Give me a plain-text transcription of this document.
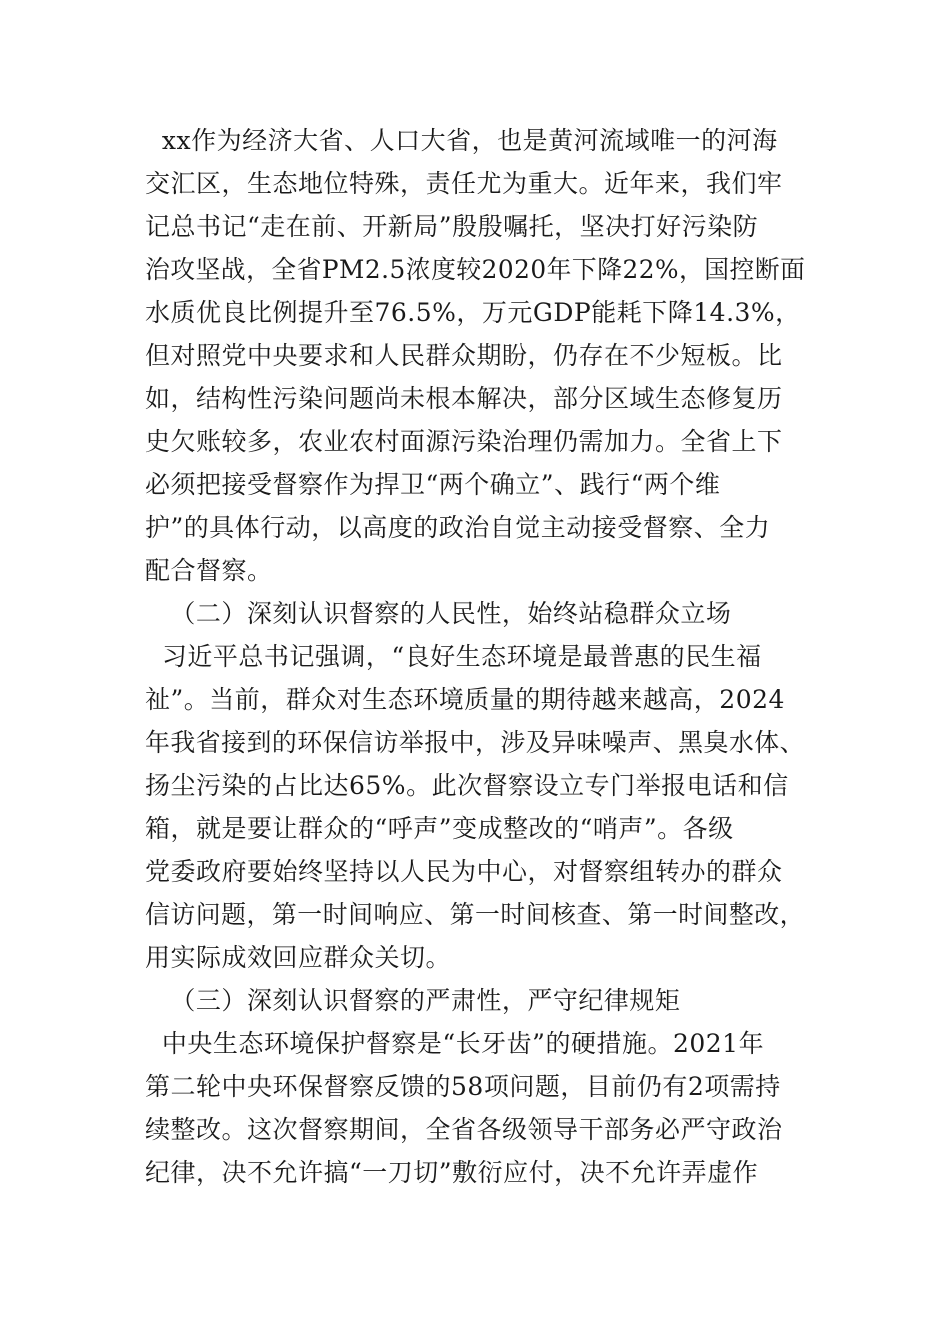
xx作为经济大省、人口大省，也是黄河流域唯一的河海
交汇区，生态地位特殊，责任尤为重大。近年来，我们牢
记总书记“走在前、开新局”殷殷嘱托，坚决打好污染防
治攻坚战，全省PM2.5浓度较2020年下降22%，国控断面
水质优良比例提升至76.5%，万元GDP能耗下降14.3%，
但对照党中央要求和人民群众期盼，仍存在不少短板。比
如，结构性污染问题尚未根本解决，部分区域生态修复历
史欠账较多，农业农村面源污染治理仍需加力。全省上下
必须把接受督察作为捍卫“两个确立”、践行“两个维
护”的具体行动，以高度的政治自觉主动接受督察、全力
配合督察。
（二）深刻认识督察的人民性，始终站稳群众立场
习近平总书记强调，“良好生态环境是最普惠的民生福
祉”。当前，群众对生态环境质量的期待越来越高，2024
年我省接到的环保信访举报中，涉及异味噪声、黑臭水体、
扬尘污染的占比达65%。此次督察设立专门举报电话和信
箱，就是要让群众的“呼声”变成整改的“哨声”。各级
党委政府要始终坚持以人民为中心，对督察组转办的群众
信访问题，第一时间响应、第一时间核查、第一时间整改，
用实际成效回应群众关切。
（三）深刻认识督察的严肃性，严守纪律规矩
中央生态环境保护督察是“长牙齿”的硬措施。2021年
第二轮中央环保督察反馈的58项问题，目前仍有2项需持
续整改。这次督察期间，全省各级领导干部务必严守政治
纪律，决不允许搞“一刀切”敷衍应付，决不允许弄虚作
